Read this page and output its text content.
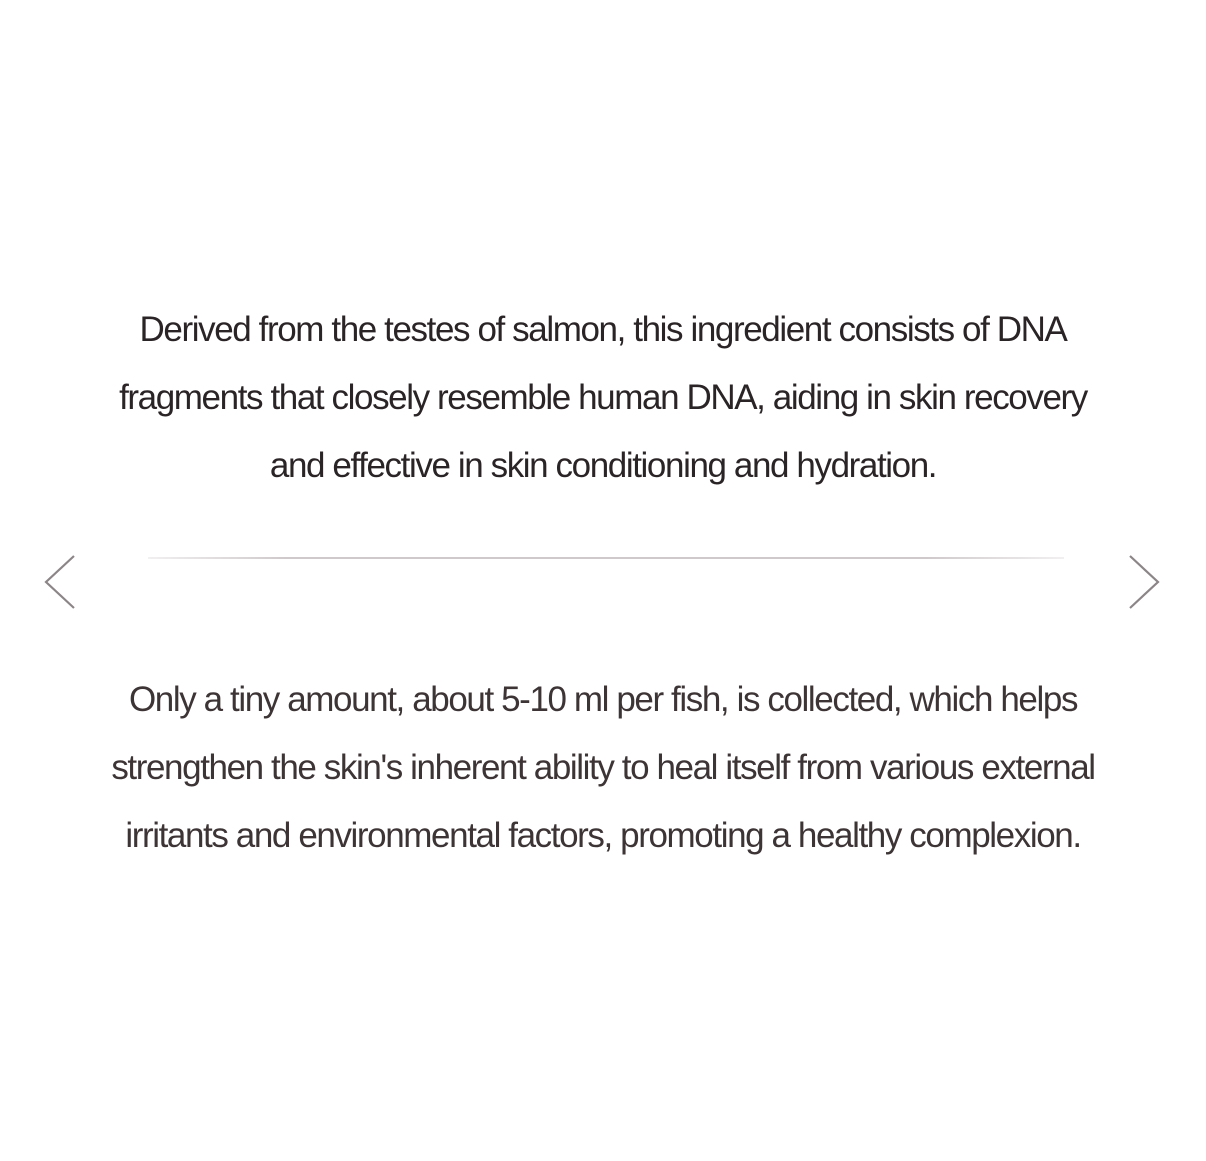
Derived from the testes of salmon, this ingredient consists of DNA
fragments that closely resemble human DNA, aiding in skin recovery
and effective in skin conditioning and hydration.

Only a tiny amount, about 5-10 ml per fish, is collected, which helps
strengthen the skin's inherent ability to heal itself from various external
irritants and environmental factors, promoting a healthy complexion.
